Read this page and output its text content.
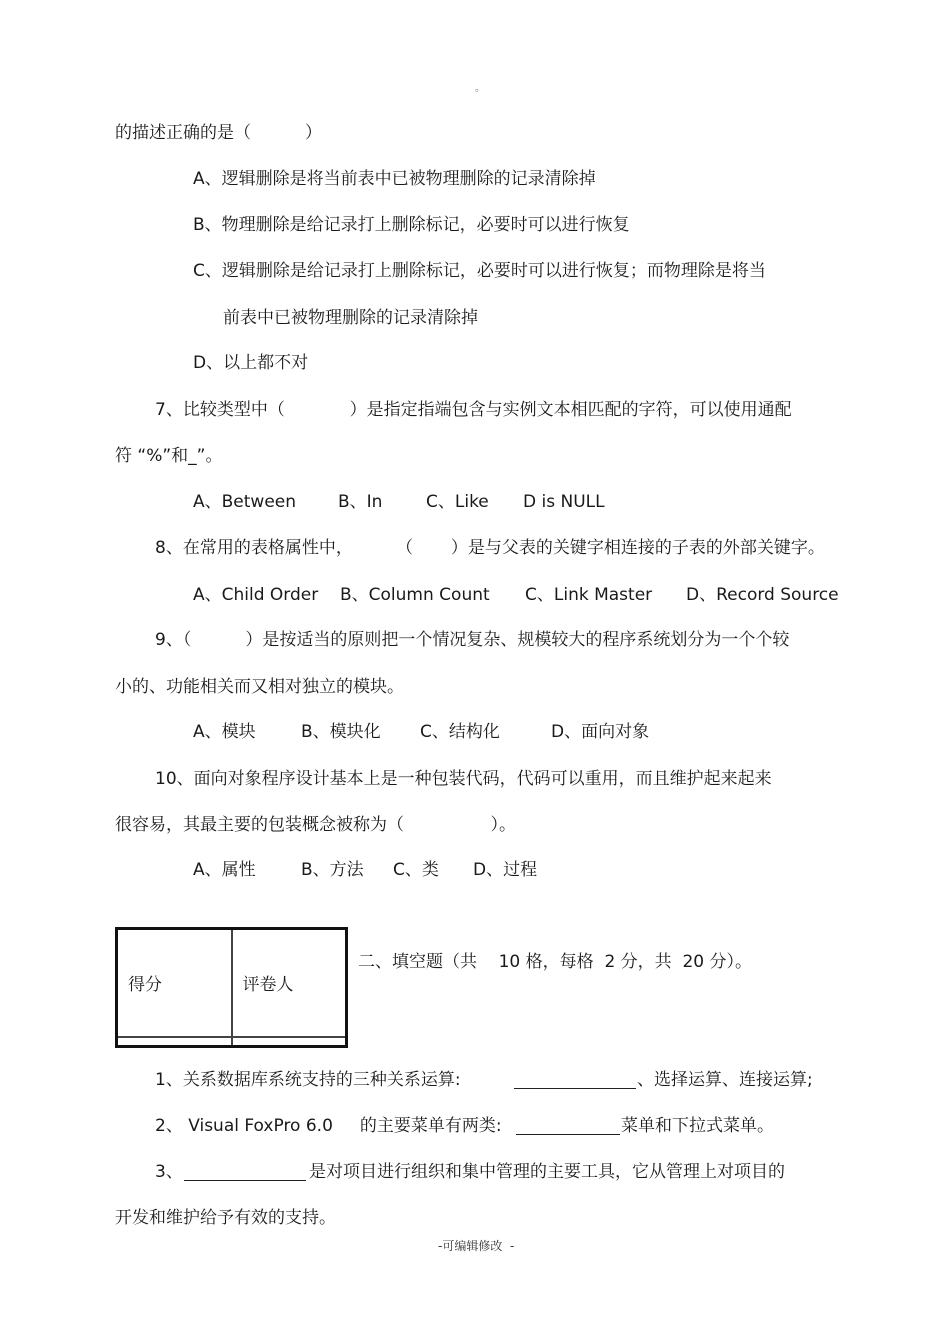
。
的描述正确的是（          ）
A、逻辑删除是将当前表中已被物理删除的记录清除掉
B、物理删除是给记录打上删除标记，必要时可以进行恢复
C、逻辑删除是给记录打上删除标记，必要时可以进行恢复；而物理除是将当
前表中已被物理删除的记录清除掉
D、以上都不对
7、比较类型中（            ）是指定指端包含与实例文本相匹配的字符，可以使用通配
符 “%”和_”。
A、Between B、In	C、Like D is NULL
8、在常用的表格属性中，        （       ）是与父表的关键字相连接的子表的外部关键字。
A、Child Order B、Column Count C、Link Master D、Record Source
9、（          ）是按适当的原则把一个情况复杂、规模较大的程序系统划分为一个个较
小的、功能相关而又相对独立的模块。
A、模块	B、模块化 C、结构化	D、面向对象
10、面向对象程序设计基本上是一种包装代码，代码可以重用，而且维护起来起来
很容易，其最主要的包装概念被称为（                ）。
A、属性	B、方法 C、类 D、过程
得分	评卷人

二、填空题（共    10 格，每格  2 分，共  20 分）。
1、关系数据库系统支持的三种关系运算:	、选择运算、连接运算;
2、 Visual FoxPro 6.0     的主要菜单有两类:	菜单和下拉式菜单。
3、	是对项目进行组织和集中管理的主要工具，它从管理上对项目的
开发和维护给予有效的支持。
-可编辑修改  -
